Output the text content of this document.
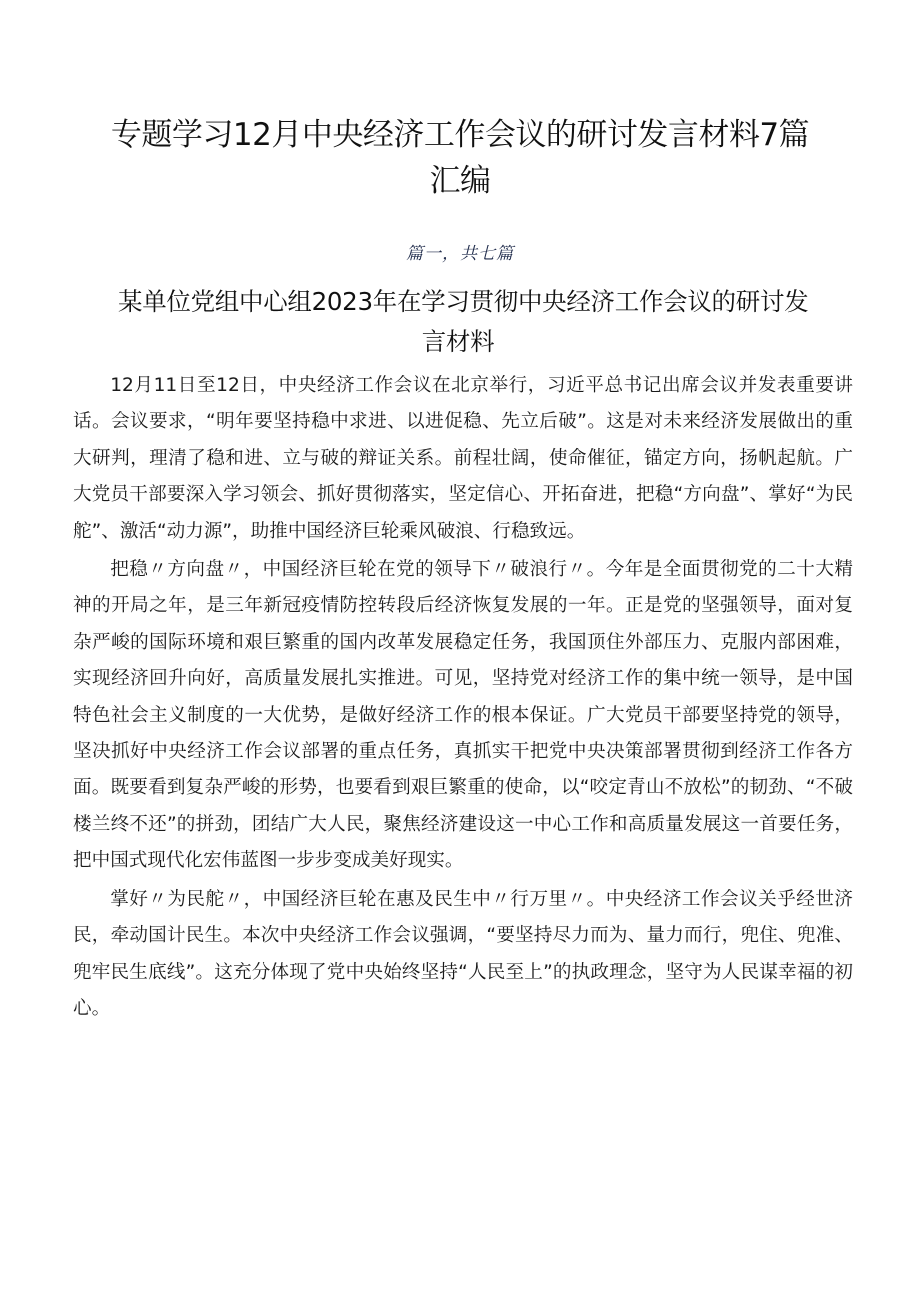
专题学习12月中央经济工作会议的研讨发言材料7篇汇编
篇一，共七篇
某单位党组中心组2023年在学习贯彻中央经济工作会议的研讨发
言材料

12月11日至12日，中央经济工作会议在北京举行，习近平总书记出席会议并发表重要讲话。会议要求，“明年要坚持稳中求进、以进促稳、先立后破”。这是对未来经济发展做出的重大研判，理清了稳和进、立与破的辩证关系。前程壮阔，使命催征，锚定方向，扬帆起航。广大党员干部要深入学习领会、抓好贯彻落实，坚定信心、开拓奋进，把稳“方向盘”、掌好“为民舵”、激活“动力源”，助推中国经济巨轮乘风破浪、行稳致远。

把稳〃方向盘〃，中国经济巨轮在党的领导下〃破浪行〃。今年是全面贯彻党的二十大精神的开局之年，是三年新冠疫情防控转段后经济恢复发展的一年。正是党的坚强领导，面对复杂严峻的国际环境和艰巨繁重的国内改革发展稳定任务，我国顶住外部压力、克服内部困难，实现经济回升向好，高质量发展扎实推进。可见，坚持党对经济工作的集中统一领导，是中国特色社会主义制度的一大优势，是做好经济工作的根本保证。广大党员干部要坚持党的领导，坚决抓好中央经济工作会议部署的重点任务，真抓实干把党中央决策部署贯彻到经济工作各方面。既要看到复杂严峻的形势，也要看到艰巨繁重的使命，以“咬定青山不放松”的韧劲、“不破楼兰终不还”的拼劲，团结广大人民，聚焦经济建设这一中心工作和高质量发展这一首要任务，把中国式现代化宏伟蓝图一步步变成美好现实。

掌好〃为民舵〃，中国经济巨轮在惠及民生中〃行万里〃。中央经济工作会议关乎经世济民，牵动国计民生。本次中央经济工作会议强调，“要坚持尽力而为、量力而行，兜住、兜准、兜牢民生底线”。这充分体现了党中央始终坚持“人民至上”的执政理念，坚守为人民谋幸福的初心。
